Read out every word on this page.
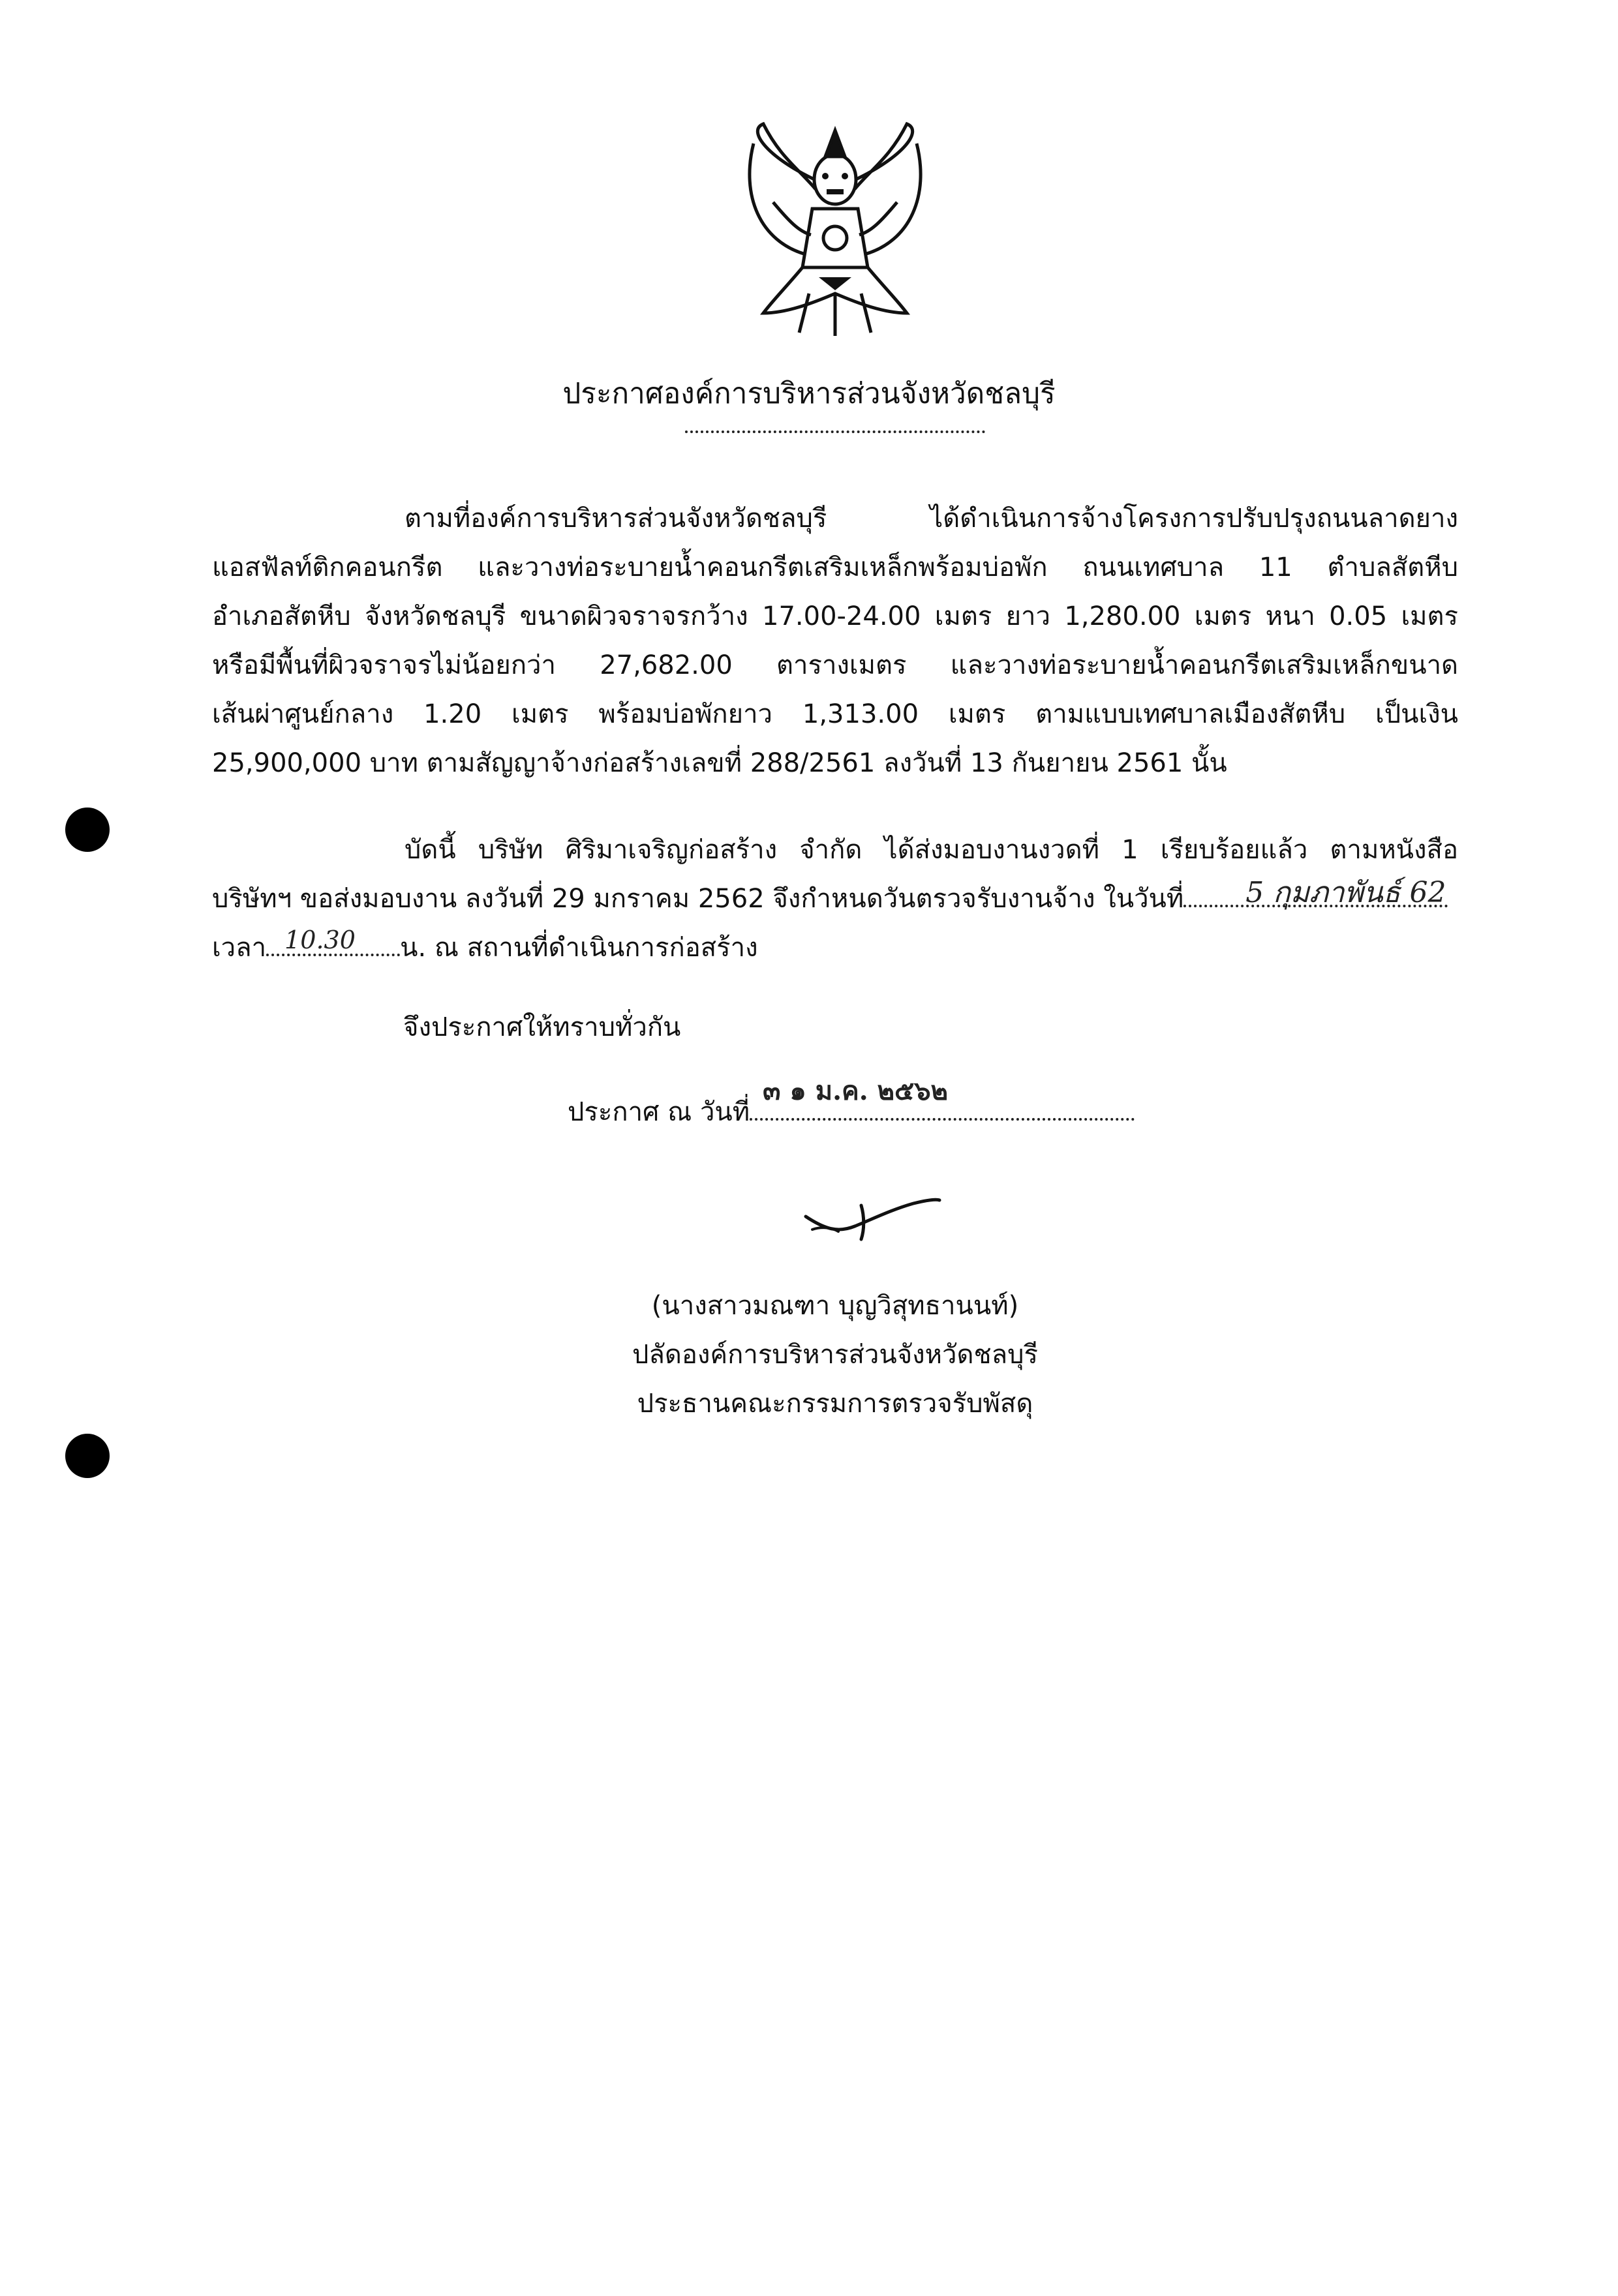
ประกาศองค์การบริหารส่วนจังหวัดชลบุรี
ตามที่องค์การบริหารส่วนจังหวัดชลบุรี ได้ดำเนินการจ้างโครงการปรับปรุงถนนลาดยาง
แอสฟัลท์ติกคอนกรีต และวางท่อระบายน้ำคอนกรีตเสริมเหล็กพร้อมบ่อพัก ถนนเทศบาล 11 ตำบลสัตหีบ
อำเภอสัตหีบ จังหวัดชลบุรี ขนาดผิวจราจรกว้าง 17.00-24.00 เมตร ยาว 1,280.00 เมตร หนา 0.05 เมตร
หรือมีพื้นที่ผิวจราจรไม่น้อยกว่า 27,682.00 ตารางเมตร และวางท่อระบายน้ำคอนกรีตเสริมเหล็กขนาด
เส้นผ่าศูนย์กลาง 1.20 เมตร พร้อมบ่อพักยาว 1,313.00 เมตร ตามแบบเทศบาลเมืองสัตหีบ เป็นเงิน
25,900,000 บาท ตามสัญญาจ้างก่อสร้างเลขที่ 288/2561 ลงวันที่ 13 กันยายน 2561 นั้น
บัดนี้ บริษัท ศิริมาเจริญก่อสร้าง จำกัด ได้ส่งมอบงานงวดที่ 1 เรียบร้อยแล้ว ตามหนังสือ
บริษัทฯ ขอส่งมอบงาน ลงวันที่ 29 มกราคม 2562 จึงกำหนดวันตรวจรับงานจ้าง ในวันที่ 5 กุมภาพันธ์ 62
เวลา 10.30 น. ณ สถานที่ดำเนินการก่อสร้าง
จึงประกาศให้ทราบทั่วกัน
ประกาศ ณ วันที่
๓ ๑ ม.ค. ๒๕๖๒
(นางสาวมณฑา บุญวิสุทธานนท์)
ปลัดองค์การบริหารส่วนจังหวัดชลบุรี
ประธานคณะกรรมการตรวจรับพัสดุ
